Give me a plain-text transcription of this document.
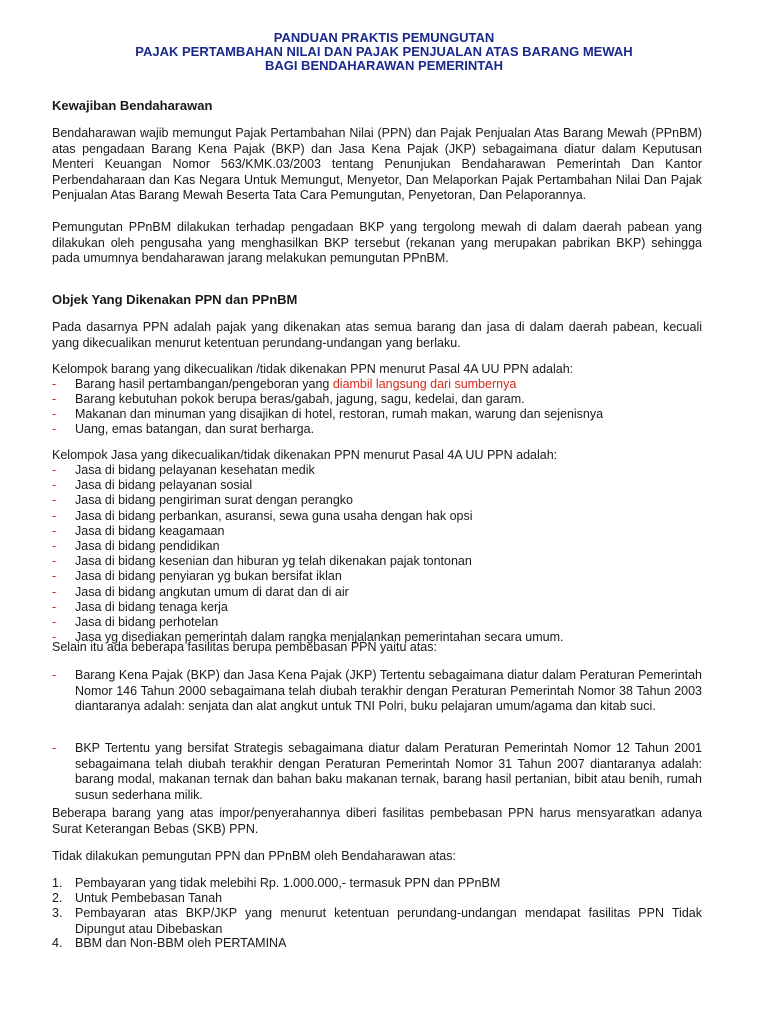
PANDUAN PRAKTIS PEMUNGUTAN
PAJAK PERTAMBAHAN NILAI DAN PAJAK PENJUALAN ATAS BARANG MEWAH
BAGI BENDAHARAWAN PEMERINTAH
Kewajiban Bendaharawan
Bendaharawan wajib memungut Pajak Pertambahan Nilai (PPN) dan Pajak Penjualan Atas Barang Mewah (PPnBM) atas pengadaan Barang Kena Pajak (BKP) dan Jasa Kena Pajak (JKP) sebagaimana diatur dalam Keputusan Menteri Keuangan Nomor 563/KMK.03/2003 tentang Penunjukan Bendaharawan Pemerintah Dan Kantor Perbendaharaan dan Kas Negara Untuk Memungut, Menyetor, Dan Melaporkan Pajak Pertambahan Nilai Dan Pajak Penjualan Atas Barang Mewah Beserta Tata Cara Pemungutan, Penyetoran, Dan Pelaporannya.
Pemungutan PPnBM dilakukan terhadap pengadaan BKP yang tergolong mewah di dalam daerah pabean yang dilakukan oleh pengusaha yang menghasilkan BKP tersebut (rekanan yang merupakan pabrikan BKP) sehingga pada umumnya bendaharawan jarang melakukan pemungutan PPnBM.
Objek Yang Dikenakan PPN dan PPnBM
Pada dasarnya PPN adalah pajak yang dikenakan atas semua barang dan jasa di dalam daerah pabean, kecuali yang dikecualikan menurut ketentuan perundang-undangan yang berlaku.
Kelompok barang yang dikecualikan /tidak dikenakan PPN menurut Pasal 4A UU PPN adalah:
- Barang hasil pertambangan/pengeboran yang diambil langsung dari sumbernya
- Barang kebutuhan pokok berupa beras/gabah, jagung, sagu, kedelai, dan garam.
- Makanan dan minuman yang disajikan di hotel, restoran, rumah makan, warung dan sejenisnya
- Uang, emas batangan, dan surat berharga.
Kelompok Jasa yang dikecualikan/tidak dikenakan PPN menurut Pasal 4A UU PPN adalah:
- Jasa di bidang pelayanan kesehatan medik
- Jasa di bidang pelayanan sosial
- Jasa di bidang pengiriman surat dengan perangko
- Jasa di bidang perbankan, asuransi, sewa guna usaha dengan hak opsi
- Jasa di bidang keagamaan
- Jasa di bidang pendidikan
- Jasa di bidang kesenian dan hiburan yg telah dikenakan pajak tontonan
- Jasa di bidang penyiaran yg bukan bersifat iklan
- Jasa di bidang angkutan umum di darat dan di air
- Jasa di bidang tenaga kerja
- Jasa di bidang perhotelan
- Jasa yg disediakan pemerintah dalam rangka menjalankan pemerintahan secara umum.
Selain itu ada beberapa fasilitas berupa pembebasan PPN yaitu atas:
- Barang Kena Pajak (BKP) dan Jasa Kena Pajak (JKP) Tertentu sebagaimana diatur dalam Peraturan Pemerintah Nomor 146 Tahun 2000 sebagaimana telah diubah terakhir dengan Peraturan Pemerintah Nomor 38 Tahun 2003 diantaranya adalah: senjata dan alat angkut untuk TNI Polri, buku pelajaran umum/agama dan kitab suci.
- BKP Tertentu yang bersifat Strategis sebagaimana diatur dalam Peraturan Pemerintah Nomor 12 Tahun 2001 sebagaimana telah diubah terakhir dengan Peraturan Pemerintah Nomor 31 Tahun 2007 diantaranya adalah: barang modal, makanan ternak dan bahan baku makanan ternak, barang hasil pertanian, bibit atau benih, rumah susun sederhana milik.
Beberapa barang yang atas impor/penyerahannya diberi fasilitas pembebasan PPN harus mensyaratkan adanya Surat Keterangan Bebas (SKB) PPN.
Tidak dilakukan pemungutan PPN dan PPnBM oleh Bendaharawan atas:
1. Pembayaran yang tidak melebihi Rp. 1.000.000,- termasuk PPN dan PPnBM
2. Untuk Pembebasan Tanah
3. Pembayaran atas BKP/JKP yang menurut ketentuan perundang-undangan mendapat fasilitas PPN Tidak Dipungut atau Dibebaskan
4. BBM dan Non-BBM oleh PERTAMINA
